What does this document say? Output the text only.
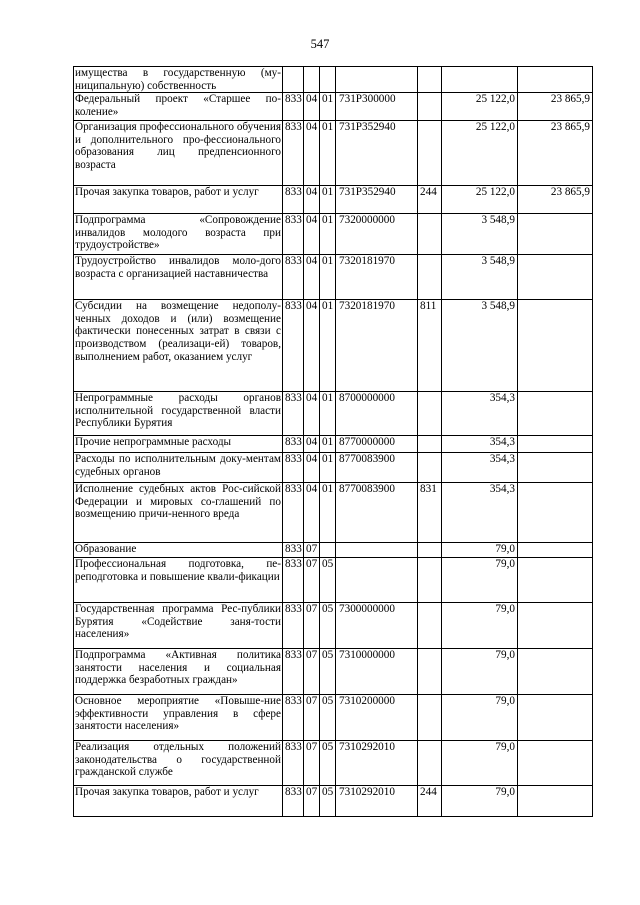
547
имущества в государственную (му-ниципальную) собственность							
Федеральный проект «Старшее по-коление»	833	04	01	731P300000		25 122,0	23 865,9
Организация профессионального обучения и дополнительного про-фессионального образования лиц предпенсионного возраста	833	04	01	731P352940		25 122,0	23 865,9
Прочая закупка товаров, работ и услуг	833	04	01	731P352940	244	25 122,0	23 865,9
Подпрограмма «Сопровождение инвалидов молодого возраста при трудоустройстве»	833	04	01	7320000000		3 548,9	
Трудоустройство инвалидов моло-дого возраста с организацией наставничества	833	04	01	7320181970		3 548,9	
Субсидии на возмещение недополу-ченных доходов и (или) возмещение фактически понесенных затрат в связи с производством (реализаци-ей) товаров, выполнением работ, оказанием услуг	833	04	01	7320181970	811	3 548,9	
Непрограммные расходы органов исполнительной государственной власти Республики Бурятия	833	04	01	8700000000		354,3	
Прочие непрограммные расходы	833	04	01	8770000000		354,3	
Расходы по исполнительным доку-ментам судебных органов	833	04	01	8770083900		354,3	
Исполнение судебных актов Рос-сийской Федерации и мировых со-глашений по возмещению причи-ненного вреда	833	04	01	8770083900	831	354,3	
Образование	833	07				79,0	
Профессиональная подготовка, пе-реподготовка и повышение квали-фикации	833	07	05			79,0	
Государственная программа Рес-публики Бурятия «Содействие заня-тости населения»	833	07	05	7300000000		79,0	
Подпрограмма «Активная политика занятости населения и социальная поддержка безработных граждан»	833	07	05	7310000000		79,0	
Основное мероприятие «Повыше-ние эффективности управления в сфере занятости населения»	833	07	05	7310200000		79,0	
Реализация отдельных положений законодательства о государственной гражданской службе	833	07	05	7310292010		79,0	
Прочая закупка товаров, работ и услуг	833	07	05	7310292010	244	79,0	
